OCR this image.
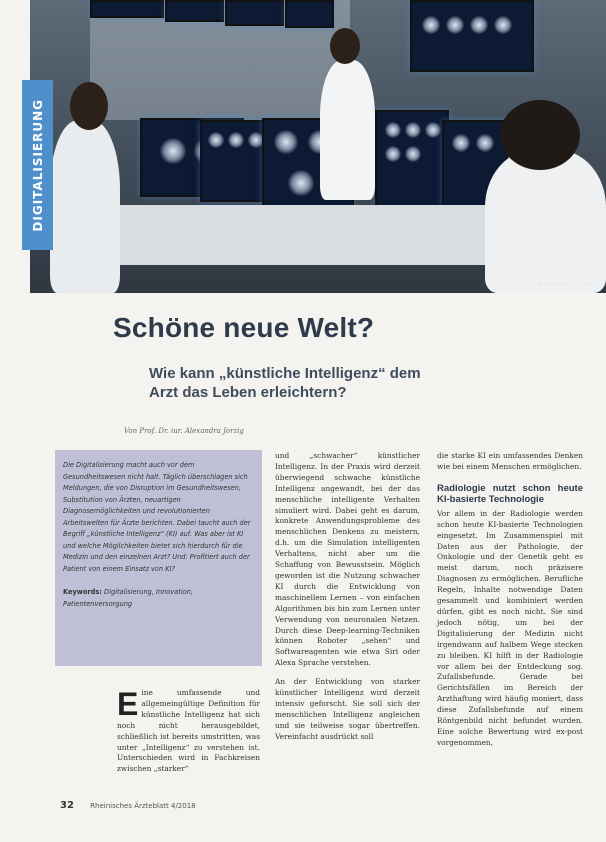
@iStock/Getty – Potaik
DIGITALISIERUNG
Schöne neue Welt?
Wie kann „künstliche Intelligenz“ dem Arzt das Leben erleichtern?
Von Prof. Dr. iur. Alexandra Jorzig
Die Digitalisierung macht auch vor dem Gesundheitswesen nicht halt. Täglich überschlagen sich Meldungen, die von Disruption im Gesundheitswesen, Substitution von Ärzten, neuartigen Diagnosemöglichkeiten und revolutionierten Arbeitswelten für Ärzte berichten. Dabei taucht auch der Begriff „künstliche Intelligenz“ (KI) auf. Was aber ist KI und welche Möglichkeiten bietet sich hierdurch für die Medizin und den einzelnen Arzt? Und: Profitiert auch der Patient von einem Einsatz von KI?
Keywords: Digitalisierung, Innovation, Patientenversorgung
E ine umfassende und allgemeingültige Definition für künstliche Intelligenz hat sich noch nicht herausgebildet, schließlich ist bereits umstritten, was unter „Intelligenz“ zu verstehen ist. Unterschieden wird in Fachkreisen zwischen „starker“

und „schwacher“ künstlicher Intelligenz. In der Praxis wird derzeit überwiegend schwache künstliche Intelligenz angewandt, bei der das menschliche intelligente Verhalten simuliert wird. Dabei geht es darum, konkrete Anwendungsprobleme des menschlichen Denkens zu meistern, d.h. um die Simulation intelligenten Verhaltens, nicht aber um die Schaffung von Bewusstsein. Möglich geworden ist die Nutzung schwacher KI durch die Entwicklung von maschinellem Lernen – von einfachen Algorithmen bis hin zum Lernen unter Verwendung von neuronalen Netzen. Durch diese Deep-learning-Techniken können Roboter „sehen“ und Softwareagenten wie etwa Siri oder Alexa Sprache verstehen.

An der Entwicklung von starker künstlicher Intelligenz wird derzeit intensiv geforscht. Sie soll sich der menschlichen Intelligenz angleichen und sie teilweise sogar übertreffen. Vereinfacht ausdrückt soll

die starke KI ein umfassendes Denken wie bei einem Menschen ermöglichen.

Radiologie nutzt schon heute KI-basierte Technologie

Vor allem in der Radiologie werden schon heute KI-basierte Technologien eingesetzt. Im Zusammenspiel mit Daten aus der Pathologie, der Onkologie und der Genetik geht es meist darum, noch präzisere Diagnosen zu ermöglichen. Berufliche Regeln, Inhalte notwendige Daten gesammelt und kombiniert werden dürfen, gibt es noch nicht. Sie sind jedoch nötig, um bei der Digitalisierung der Medizin nicht irgendwann auf halbem Wege stecken zu bleiben. KI hilft in der Radiologie vor allem bei der Entdeckung sog. Zufallsbefunde. Gerade bei Gerichtsfällen im Bereich der Arzthaftung wird häufig moniert, dass diese Zufallsbefunde auf einem Röntgenbild nicht befundet wurden. Eine solche Bewertung wird ex-post vorgenommen,

32 Rheinisches Ärzteblatt 4/2018
